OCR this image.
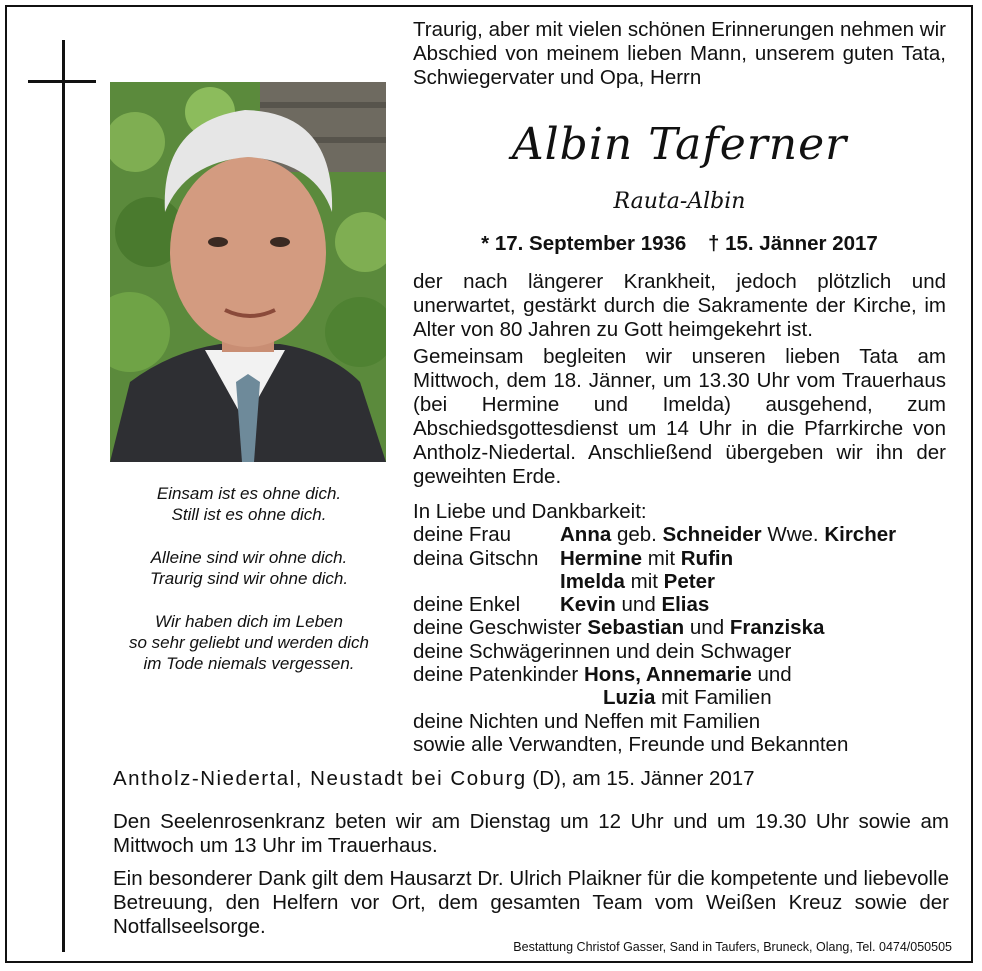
Einsam ist es ohne dich.

Still ist es ohne dich.

Alleine sind wir ohne dich.

Traurig sind wir ohne dich.

Wir haben dich im Leben

so sehr geliebt und werden dich

im Tode niemals vergessen.

Traurig, aber mit vielen schönen Erinnerungen nehmen wir Abschied von meinem lieben Mann, unserem guten Tata, Schwiegervater und Opa, Herrn

Albin Taferner
Rauta-Albin
* 17. September 1936 † 15. Jänner 2017

der nach längerer Krankheit, jedoch plötzlich und unerwartet, gestärkt durch die Sakramente der Kirche, im Alter von 80 Jahren zu Gott heimgekehrt ist.

Gemeinsam begleiten wir unseren lieben Tata am Mittwoch, dem 18. Jänner, um 13.30 Uhr vom Trauerhaus (bei Hermine und Imelda) ausgehend, zum Abschiedsgottesdienst um 14 Uhr in die Pfarrkirche von Antholz-Niedertal. Anschließend übergeben wir ihn der geweihten Erde.

In Liebe und Dankbarkeit:
deine Frau Anna geb. Schneider Wwe. Kircher
deina Gitschn Hermine mit Rufin
Imelda mit Peter
deine Enkel Kevin und Elias
deine Geschwister Sebastian und Franziska
deine Schwägerinnen und dein Schwager
deine Patenkinder Hons, Annemarie und
Luzia mit Familien
deine Nichten und Neffen mit Familien
sowie alle Verwandten, Freunde und Bekannten
Antholz-Niedertal, Neustadt bei Coburg (D), am 15. Jänner 2017

Den Seelenrosenkranz beten wir am Dienstag um 12 Uhr und um 19.30 Uhr sowie am Mittwoch um 13 Uhr im Trauerhaus.

Ein besonderer Dank gilt dem Hausarzt Dr. Ulrich Plaikner für die kompetente und liebevolle Betreuung, den Helfern vor Ort, dem gesamten Team vom Weißen Kreuz sowie der Notfallseelsorge.

Bestattung Christof Gasser, Sand in Taufers, Bruneck, Olang, Tel. 0474/050505
